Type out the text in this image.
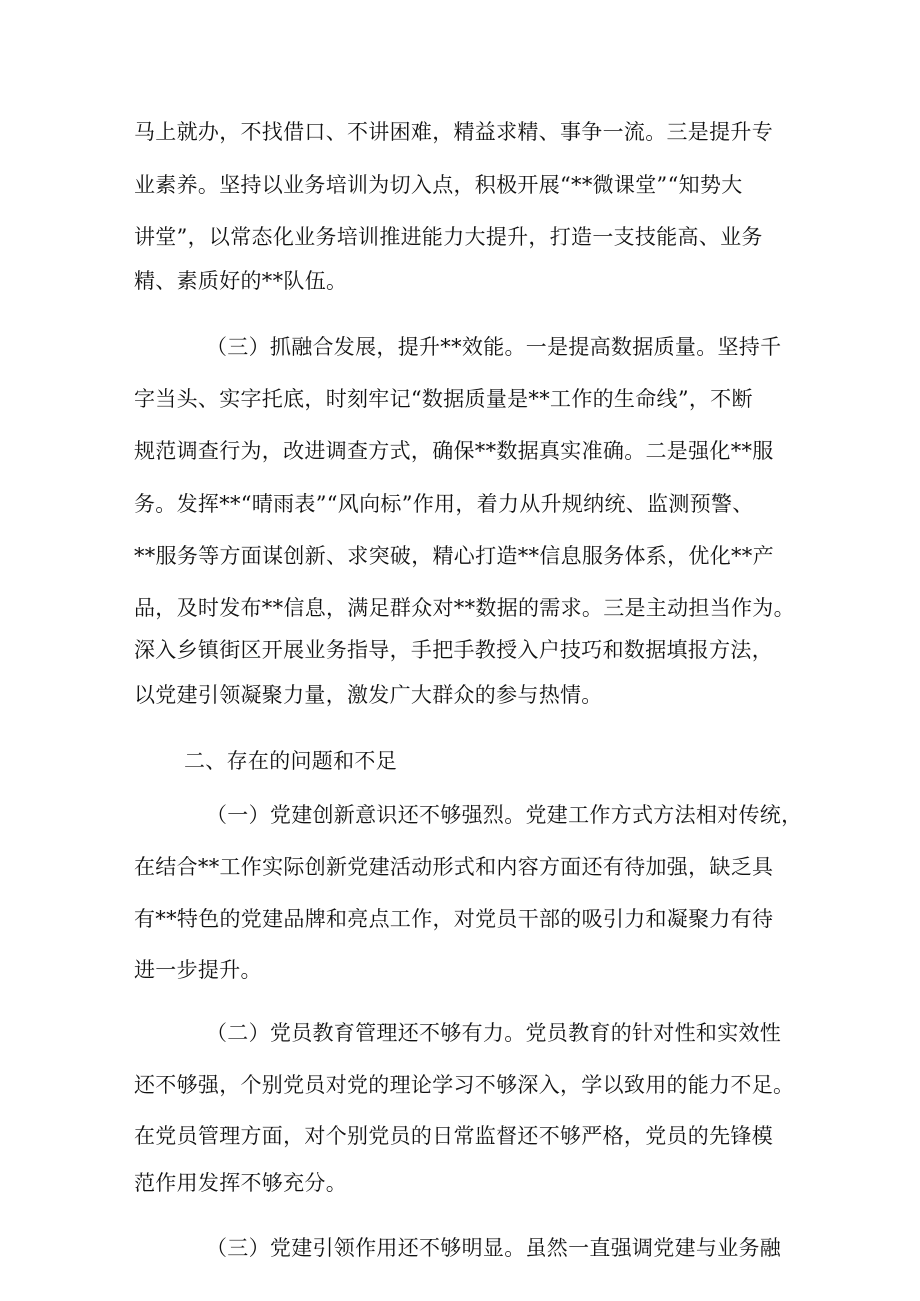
马上就办，不找借口、不讲困难，精益求精、事争一流。三是提升专
业素养。坚持以业务培训为切入点，积极开展“**微课堂”“知势大
讲堂”，以常态化业务培训推进能力大提升，打造一支技能高、业务
精、素质好的**队伍。
（三）抓融合发展，提升**效能。一是提高数据质量。坚持千
字当头、实字托底，时刻牢记“数据质量是**工作的生命线”，不断
规范调查行为，改进调查方式，确保**数据真实准确。二是强化**服
务。发挥**“晴雨表”“风向标”作用，着力从升规纳统、监测预警、
**服务等方面谋创新、求突破，精心打造**信息服务体系，优化**产
品，及时发布**信息，满足群众对**数据的需求。三是主动担当作为。
深入乡镇街区开展业务指导，手把手教授入户技巧和数据填报方法，
以党建引领凝聚力量，激发广大群众的参与热情。
二、存在的问题和不足
（一）党建创新意识还不够强烈。党建工作方式方法相对传统，
在结合**工作实际创新党建活动形式和内容方面还有待加强，缺乏具
有**特色的党建品牌和亮点工作，对党员干部的吸引力和凝聚力有待
进一步提升。
（二）党员教育管理还不够有力。党员教育的针对性和实效性
还不够强，个别党员对党的理论学习不够深入，学以致用的能力不足。
在党员管理方面，对个别党员的日常监督还不够严格，党员的先锋模
范作用发挥不够充分。
（三）党建引领作用还不够明显。虽然一直强调党建与业务融
